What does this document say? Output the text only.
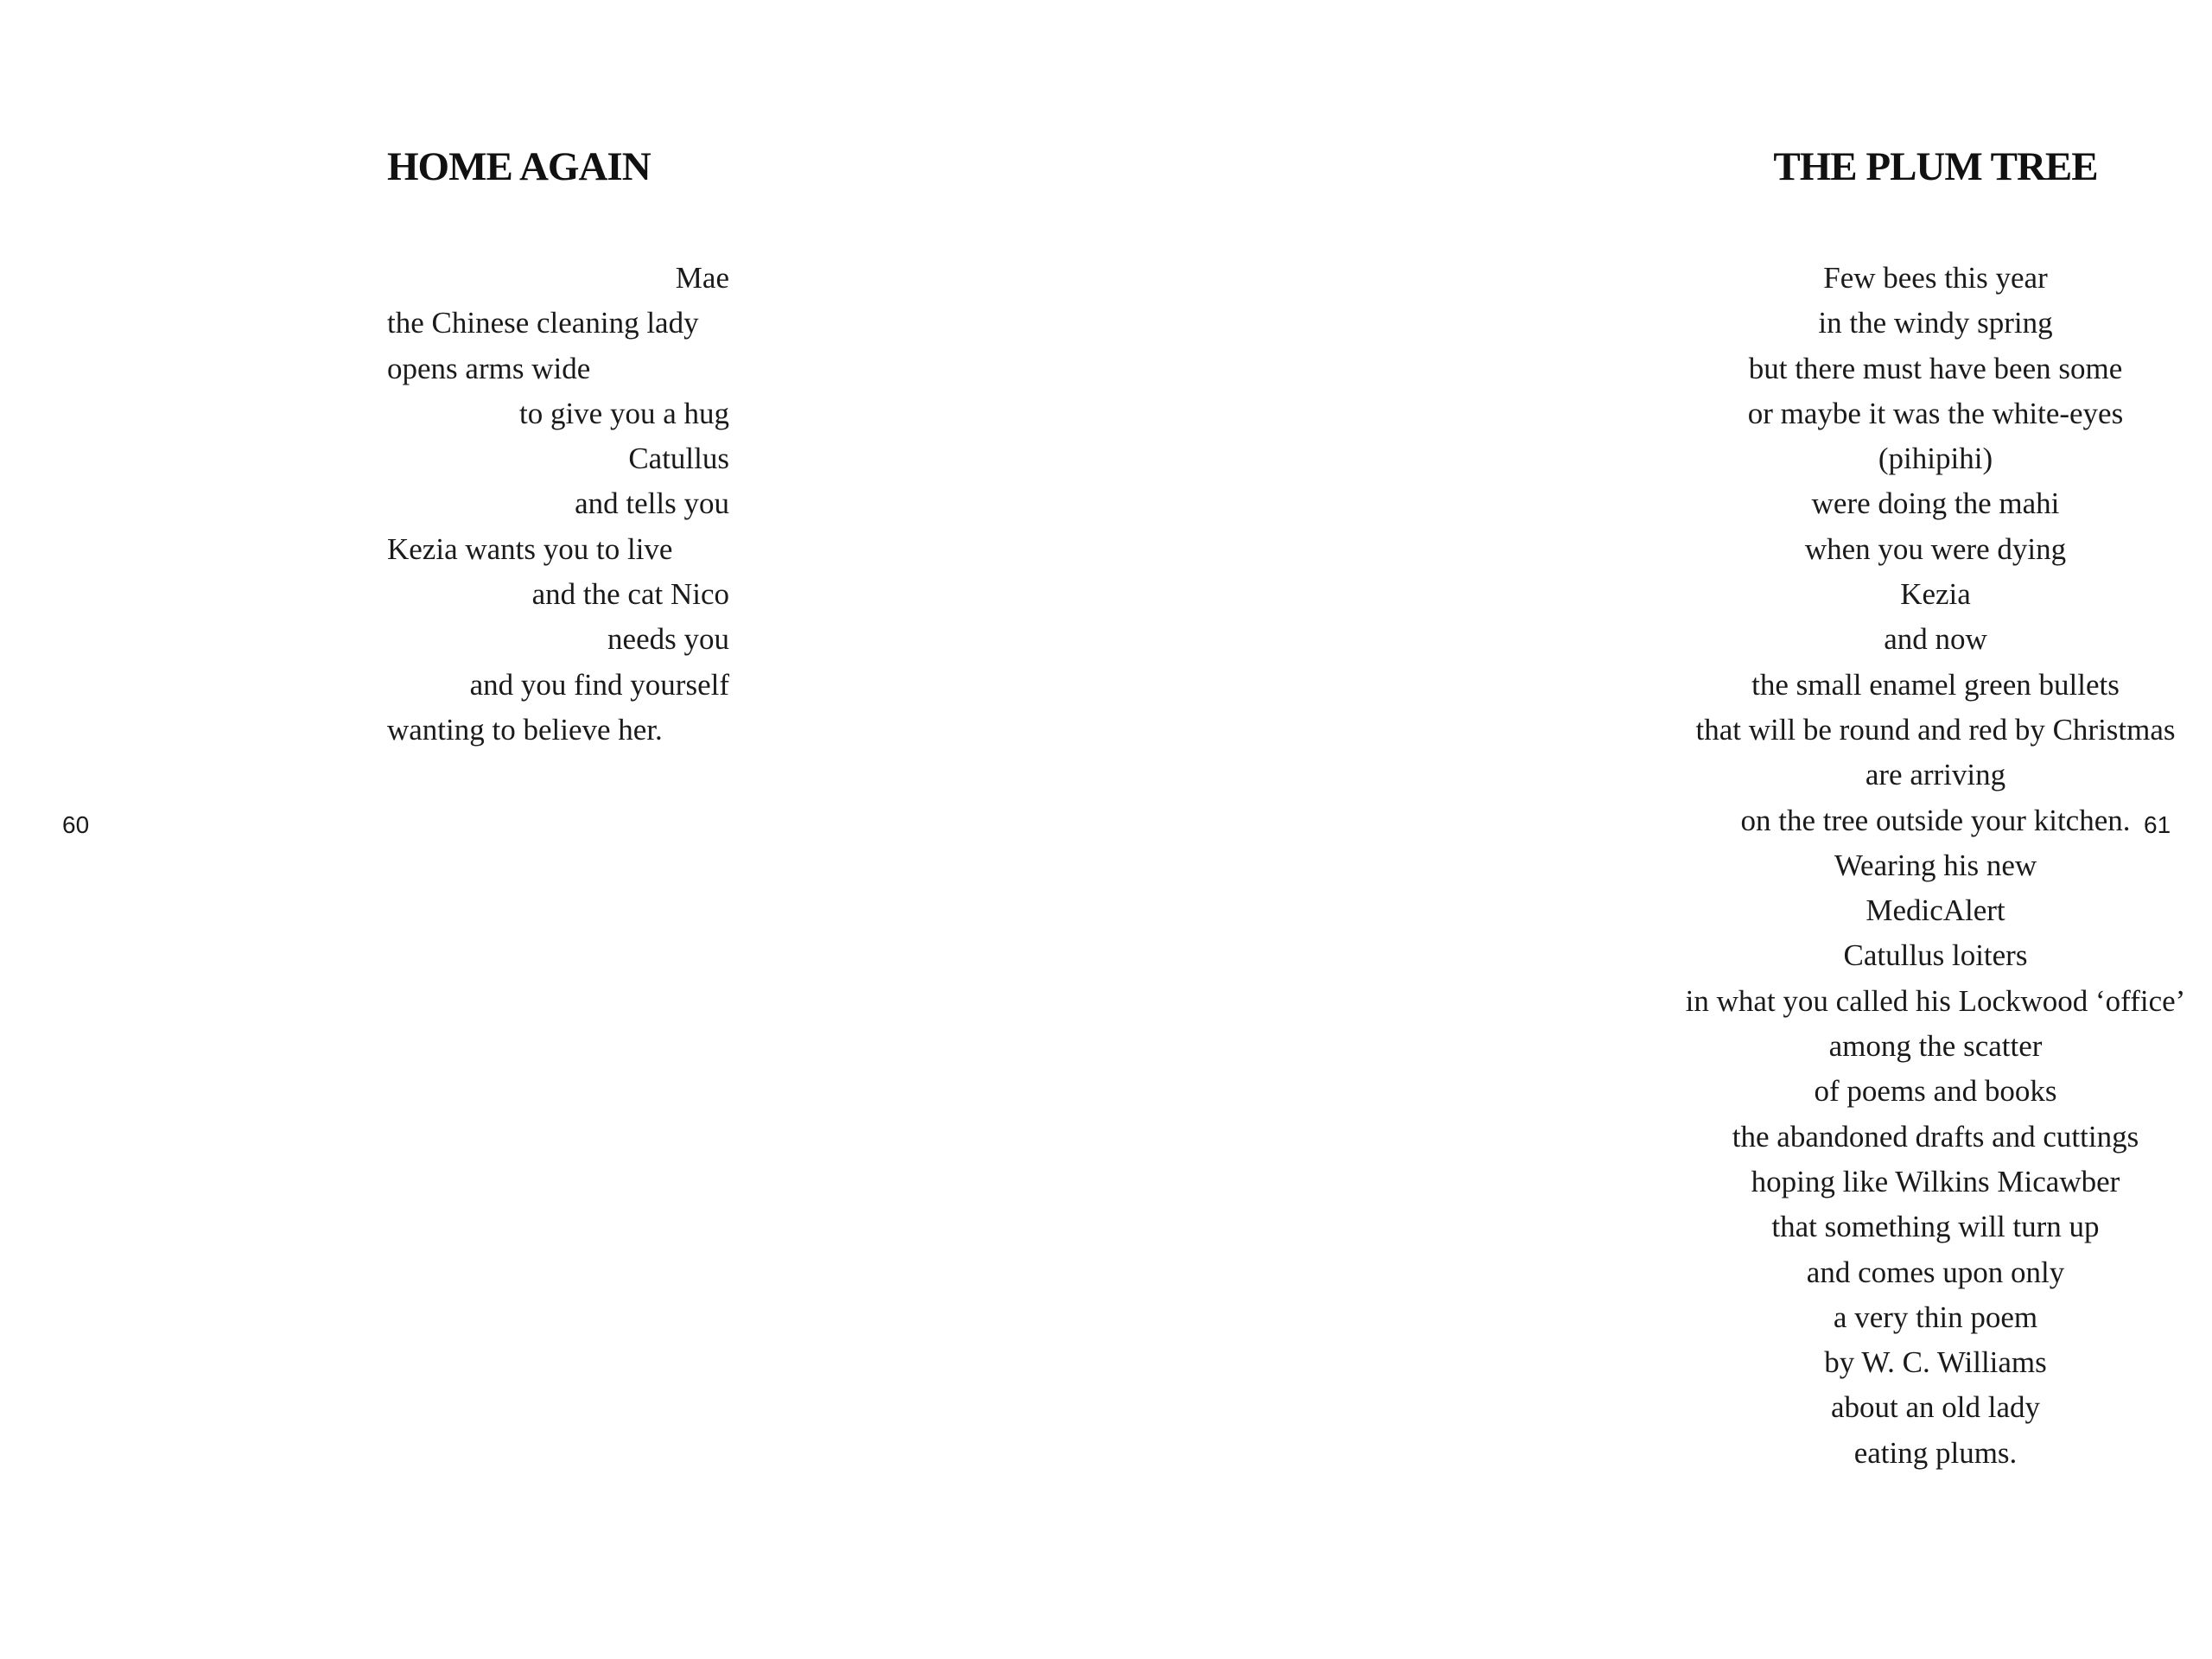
HOME AGAIN
Mae
the Chinese cleaning lady
opens arms wide
to give you a hug
Catullus
and tells you
Kezia wants you to live
and the cat Nico
needs you
and you find yourself
wanting to believe her.
60
THE PLUM TREE
Few bees this year
in the windy spring
but there must have been some
or maybe it was the white-eyes
(pihipihi)
were doing the mahi
when you were dying
Kezia
and now
the small enamel green bullets
that will be round and red by Christmas
are arriving
on the tree outside your kitchen.
Wearing his new
MedicAlert
Catullus loiters
in what you called his Lockwood ‘office’
among the scatter
of poems and books
the abandoned drafts and cuttings
hoping like Wilkins Micawber
that something will turn up
and comes upon only
a very thin poem
by W. C. Williams
about an old lady
eating plums.
61
